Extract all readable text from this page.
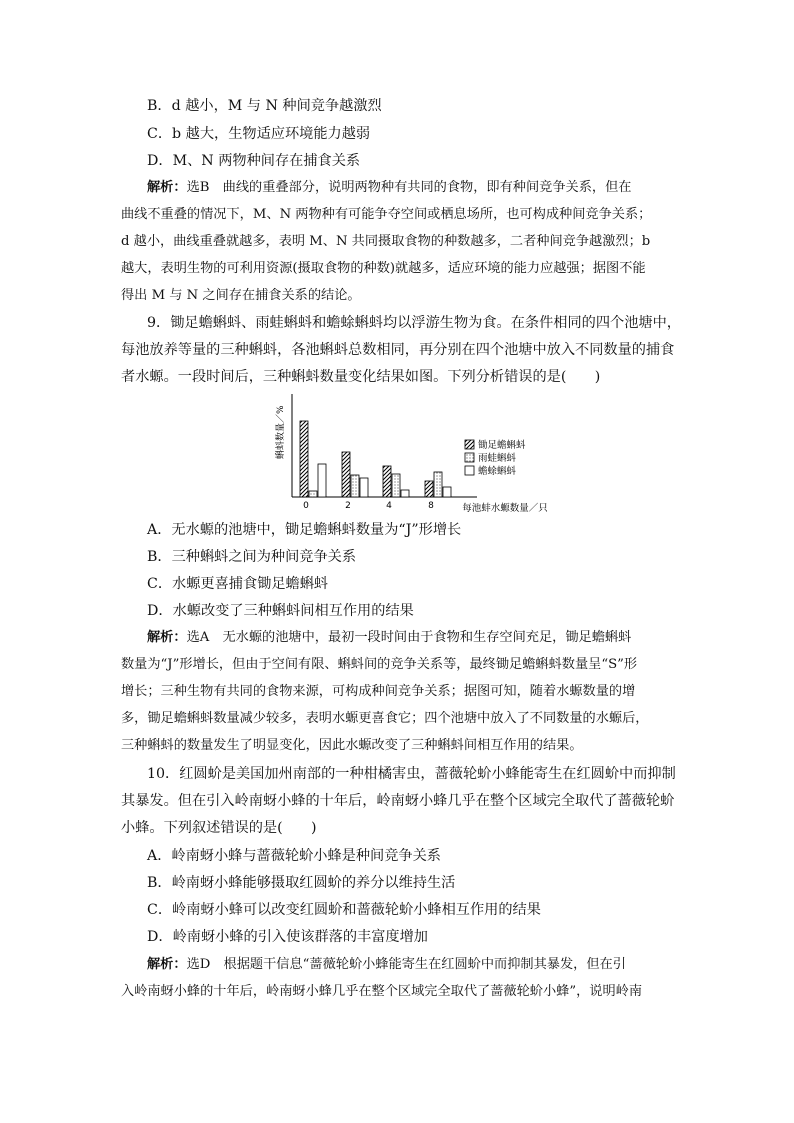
B．d 越小，M 与 N 种间竞争越激烈
C．b 越大，生物适应环境能力越弱
D．M、N 两物种间存在捕食关系
解析：选B　 曲线的重叠部分，说明两物种有共同的食物，即有种间竞争关系，但在
曲线不重叠的情况下，M、N 两物种有可能争夺空间或栖息场所，也可构成种间竞争关系；
d 越小，曲线重叠就越多，表明 M、N 共同摄取食物的种数越多，二者种间竞争越激烈；b
越大，表明生物的可利用资源(摄取食物的种数)就越多，适应环境的能力应越强；据图不能
得出 M 与 N 之间存在捕食关系的结论。
9．锄足蟾蝌蚪、雨蛙蝌蚪和蟾蜍蝌蚪均以浮游生物为食。在条件相同的四个池塘中，
每池放养等量的三种蝌蚪，各池蝌蚪总数相同，再分别在四个池塘中放入不同数量的捕食
者水螈。一段时间后，三种蝌蚪数量变化结果如图。下列分析错误的是(　　)
蝌蚪数量／%
0	2	4	8	每池蚌水螈数量／只
锄足蟾蝌蚪
雨蛙蝌蚪
蟾蜍蝌蚪
A．无水螈的池塘中，锄足蟾蝌蚪数量为“J”形增长
B．三种蝌蚪之间为种间竞争关系
C．水螈更喜捕食锄足蟾蝌蚪
D．水螈改变了三种蝌蚪间相互作用的结果
解析：选A　 无水螈的池塘中，最初一段时间由于食物和生存空间充足，锄足蟾蝌蚪
数量为“J”形增长，但由于空间有限、蝌蚪间的竞争关系等，最终锄足蟾蝌蚪数量呈“S”形
增长；三种生物有共同的食物来源，可构成种间竞争关系；据图可知，随着水螈数量的增
多，锄足蟾蝌蚪数量减少较多，表明水螈更喜食它；四个池塘中放入了不同数量的水螈后，
三种蝌蚪的数量发生了明显变化，因此水螈改变了三种蝌蚪间相互作用的结果。
10．红圆蚧是美国加州南部的一种柑橘害虫，蔷薇轮蚧小蜂能寄生在红圆蚧中而抑制
其暴发。但在引入岭南蚜小蜂的十年后，岭南蚜小蜂几乎在整个区域完全取代了蔷薇轮蚧
小蜂。下列叙述错误的是(　　)
A．岭南蚜小蜂与蔷薇轮蚧小蜂是种间竞争关系
B．岭南蚜小蜂能够摄取红圆蚧的养分以维持生活
C．岭南蚜小蜂可以改变红圆蚧和蔷薇轮蚧小蜂相互作用的结果
D．岭南蚜小蜂的引入使该群落的丰富度增加
解析：选D　 根据题干信息“蔷薇轮蚧小蜂能寄生在红圆蚧中而抑制其暴发，但在引
入岭南蚜小蜂的十年后，岭南蚜小蜂几乎在整个区域完全取代了蔷薇轮蚧小蜂”，说明岭南
